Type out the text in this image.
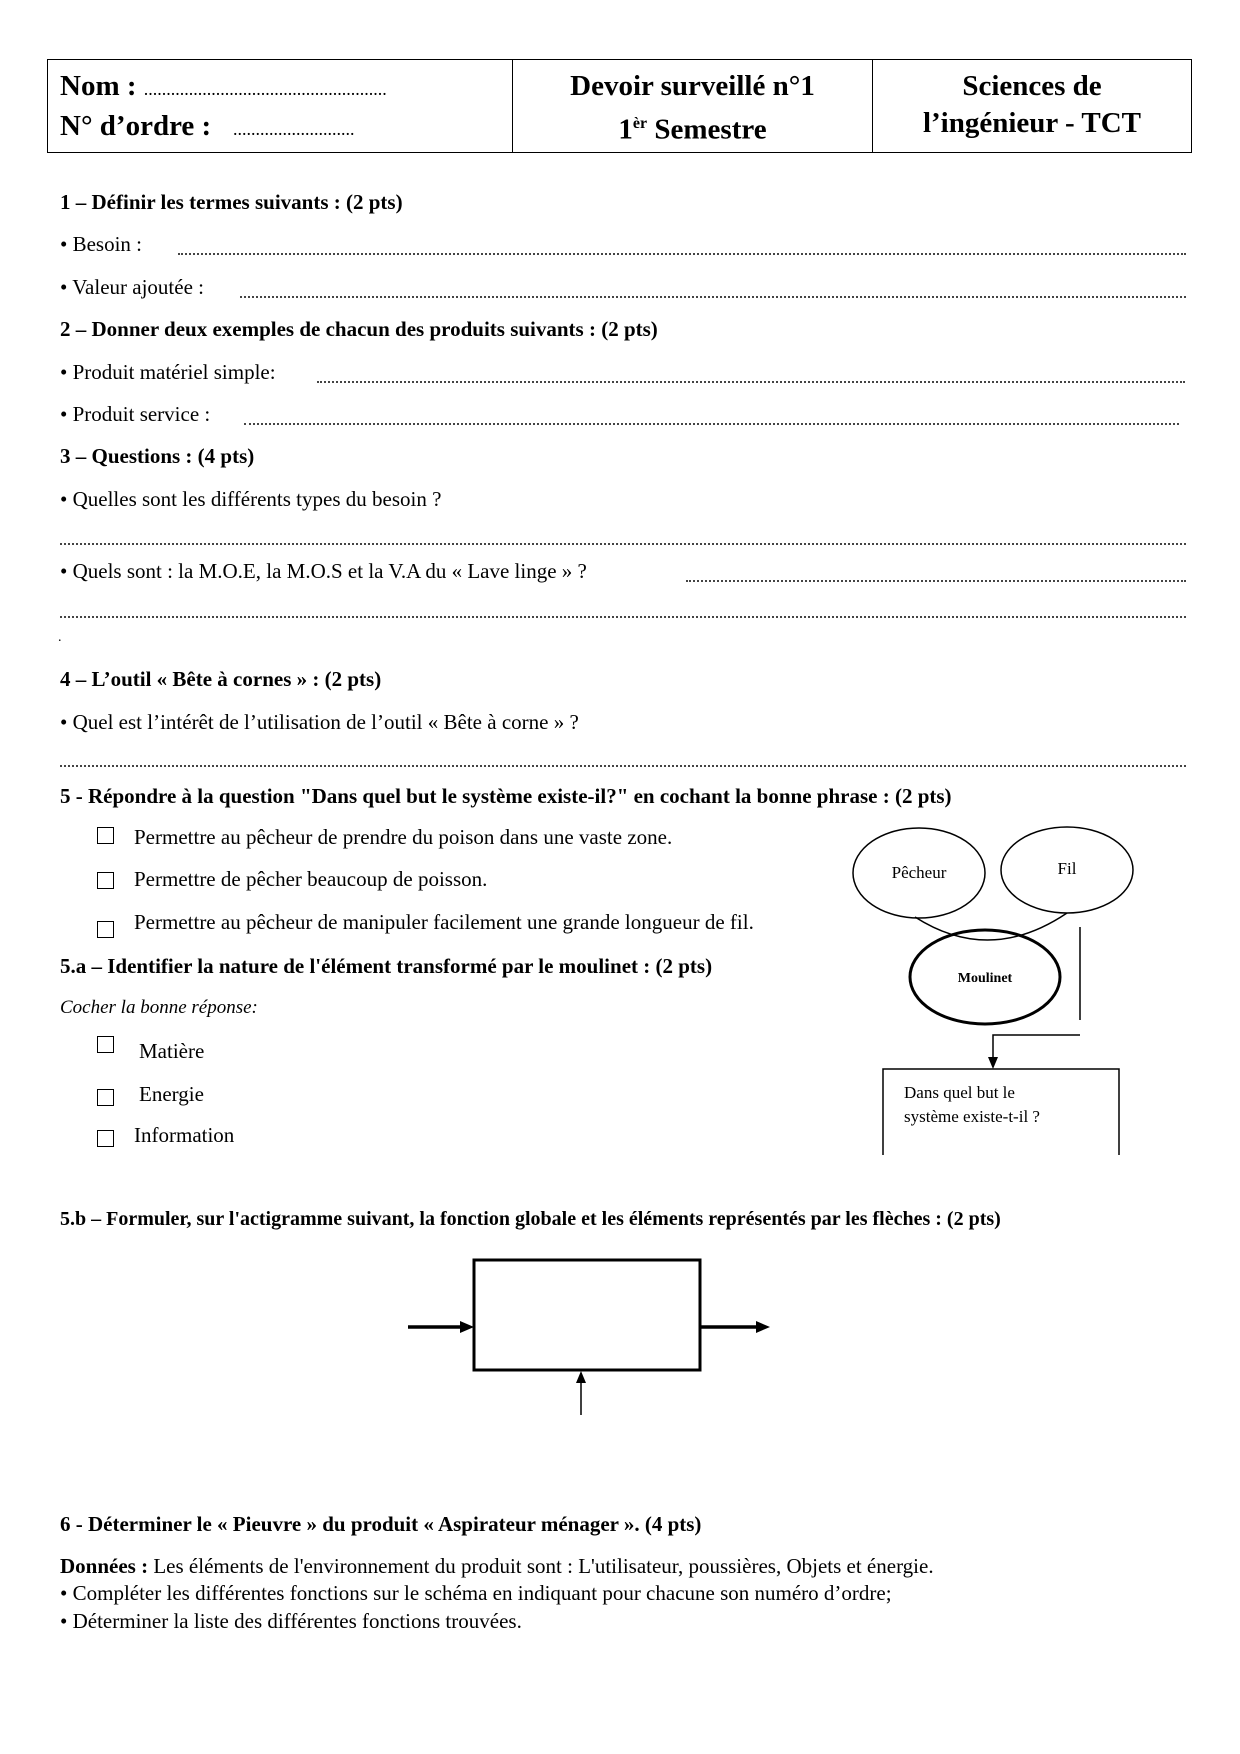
Nom : ......................................................
N° d’ordre : ...........................
Devoir surveillé n°1
$1^{èr}$ Semestre
Sciences de
l’ingénieur - TCT
1 – Définir les termes suivants : (2 pts)
• Besoin :
• Valeur ajoutée :
2 – Donner deux exemples de chacun des produits suivants : (2 pts)
• Produit matériel simple:
• Produit service :
3 – Questions : (4 pts)
• Quelles sont les différents types du besoin ?
• Quels sont : la M.O.E, la M.O.S et la V.A du « Lave linge » ?
.
4 – L’outil « Bête à cornes » : (2 pts)
• Quel est l’intérêt de l’utilisation de l’outil « Bête à corne » ?
5 - Répondre à la question "Dans quel but le système existe-il?" en cochant la bonne phrase : (2 pts)
Permettre au pêcheur de prendre du poison dans une vaste zone.
Permettre de pêcher beaucoup de poisson.
Permettre au pêcheur de manipuler facilement une grande longueur de fil.
Pêcheur	Fil
Moulinet
Dans quel but le
système existe-t-il ?
5.a – Identifier la nature de l'élément transformé par le moulinet : (2 pts)
Cocher la bonne réponse:
Matière
Energie
Information
5.b – Formuler, sur l'actigramme suivant, la fonction globale et les éléments représentés par les flèches : (2 pts)
6 - Déterminer le « Pieuvre » du produit « Aspirateur ménager ». (4 pts)
Données : Les éléments de l'environnement du produit sont : L'utilisateur, poussières, Objets et énergie.
• Compléter les différentes fonctions sur le schéma en indiquant pour chacune son numéro d’ordre;
• Déterminer la liste des différentes fonctions trouvées.
